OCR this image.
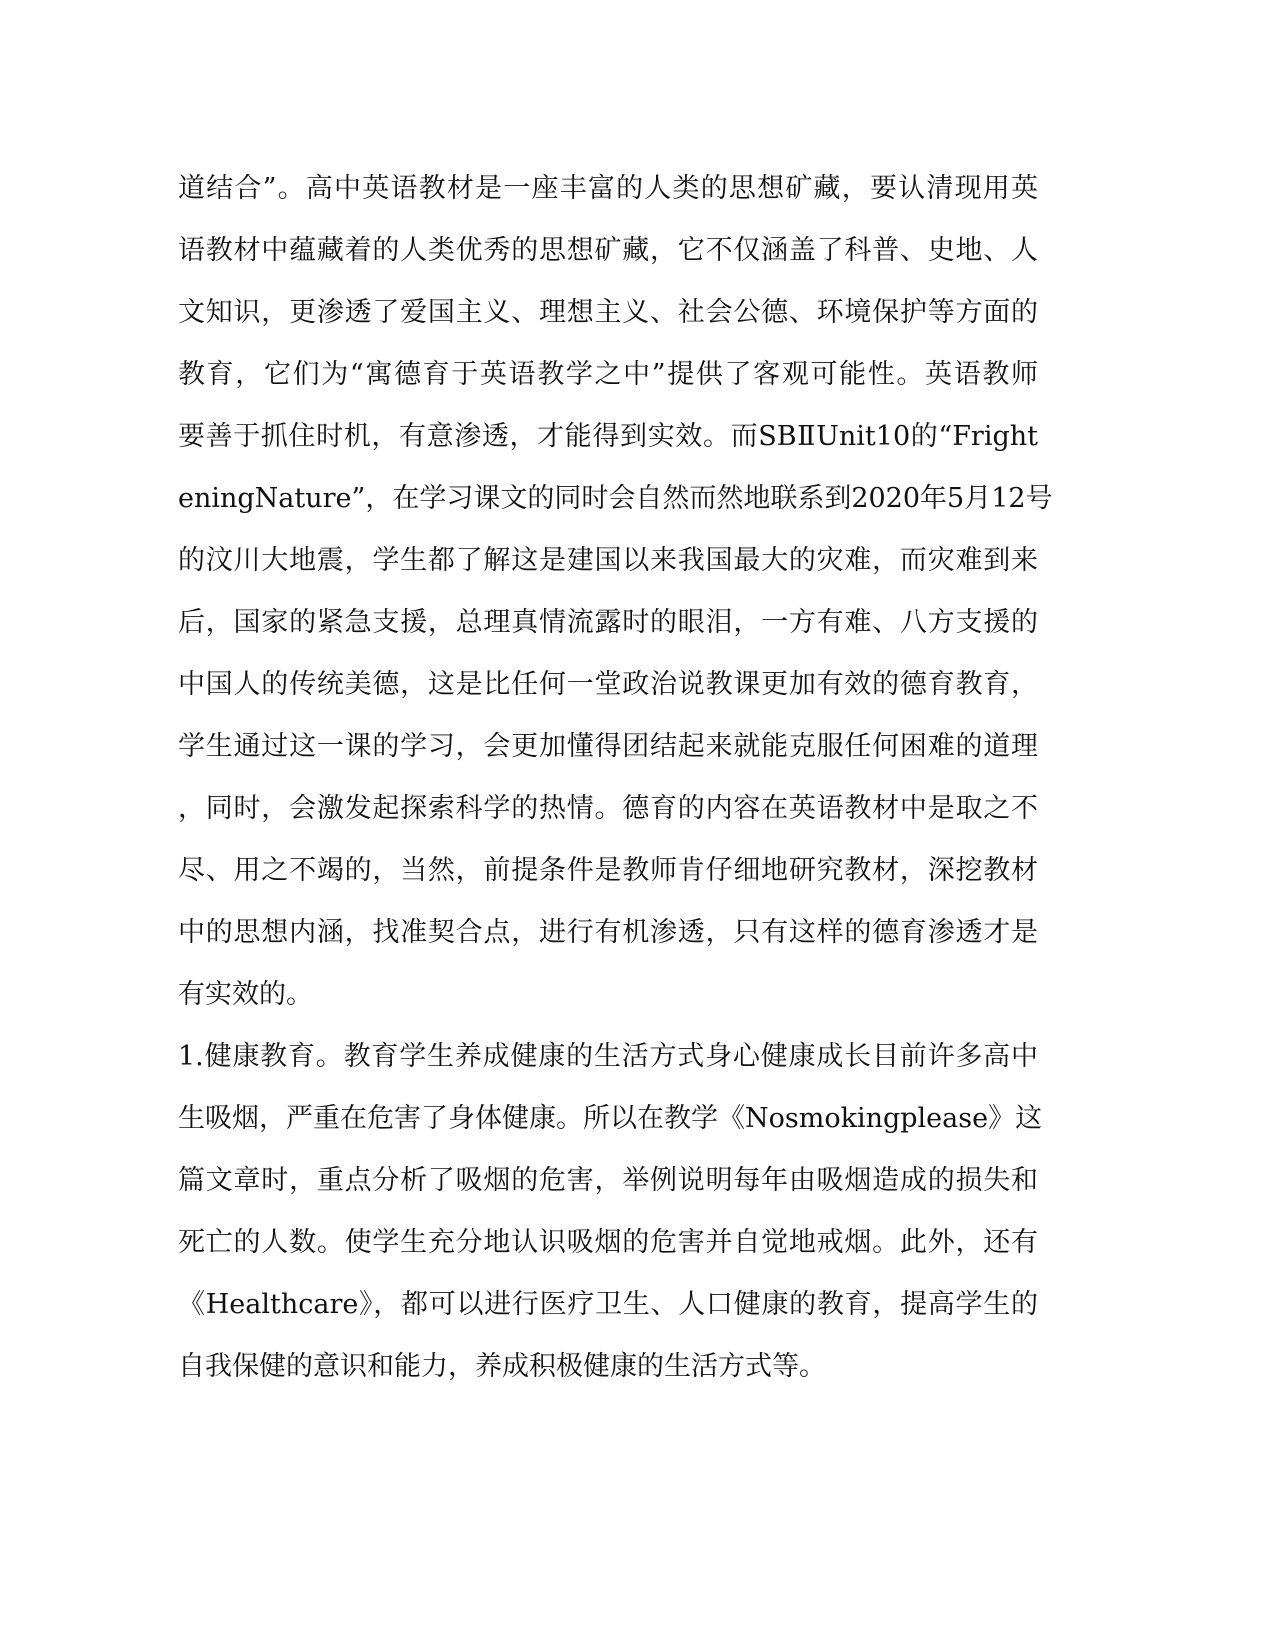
道结合”。高中英语教材是一座丰富的人类的思想矿藏，要认清现用英
语教材中蕴藏着的人类优秀的思想矿藏，它不仅涵盖了科普、史地、人
文知识，更渗透了爱国主义、理想主义、社会公德、环境保护等方面的
教育，它们为“寓德育于英语教学之中”提供了客观可能性。英语教师
要善于抓住时机，有意渗透，才能得到实效。而SBⅡUnit10的“Fright
eningNature”，在学习课文的同时会自然而然地联系到2020年5月12号
的汶川大地震，学生都了解这是建国以来我国最大的灾难，而灾难到来
后，国家的紧急支援，总理真情流露时的眼泪，一方有难、八方支援的
中国人的传统美德，这是比任何一堂政治说教课更加有效的德育教育，
学生通过这一课的学习，会更加懂得团结起来就能克服任何困难的道理
，同时，会激发起探索科学的热情。德育的内容在英语教材中是取之不
尽、用之不竭的，当然，前提条件是教师肯仔细地研究教材，深挖教材
中的思想内涵，找准契合点，进行有机渗透，只有这样的德育渗透才是
有实效的。
1.健康教育。教育学生养成健康的生活方式身心健康成长目前许多高中
生吸烟，严重在危害了身体健康。所以在教学《Nosmokingplease》这
篇文章时，重点分析了吸烟的危害，举例说明每年由吸烟造成的损失和
死亡的人数。使学生充分地认识吸烟的危害并自觉地戒烟。此外，还有
《Healthcare》，都可以进行医疗卫生、人口健康的教育，提高学生的
自我保健的意识和能力，养成积极健康的生活方式等。
